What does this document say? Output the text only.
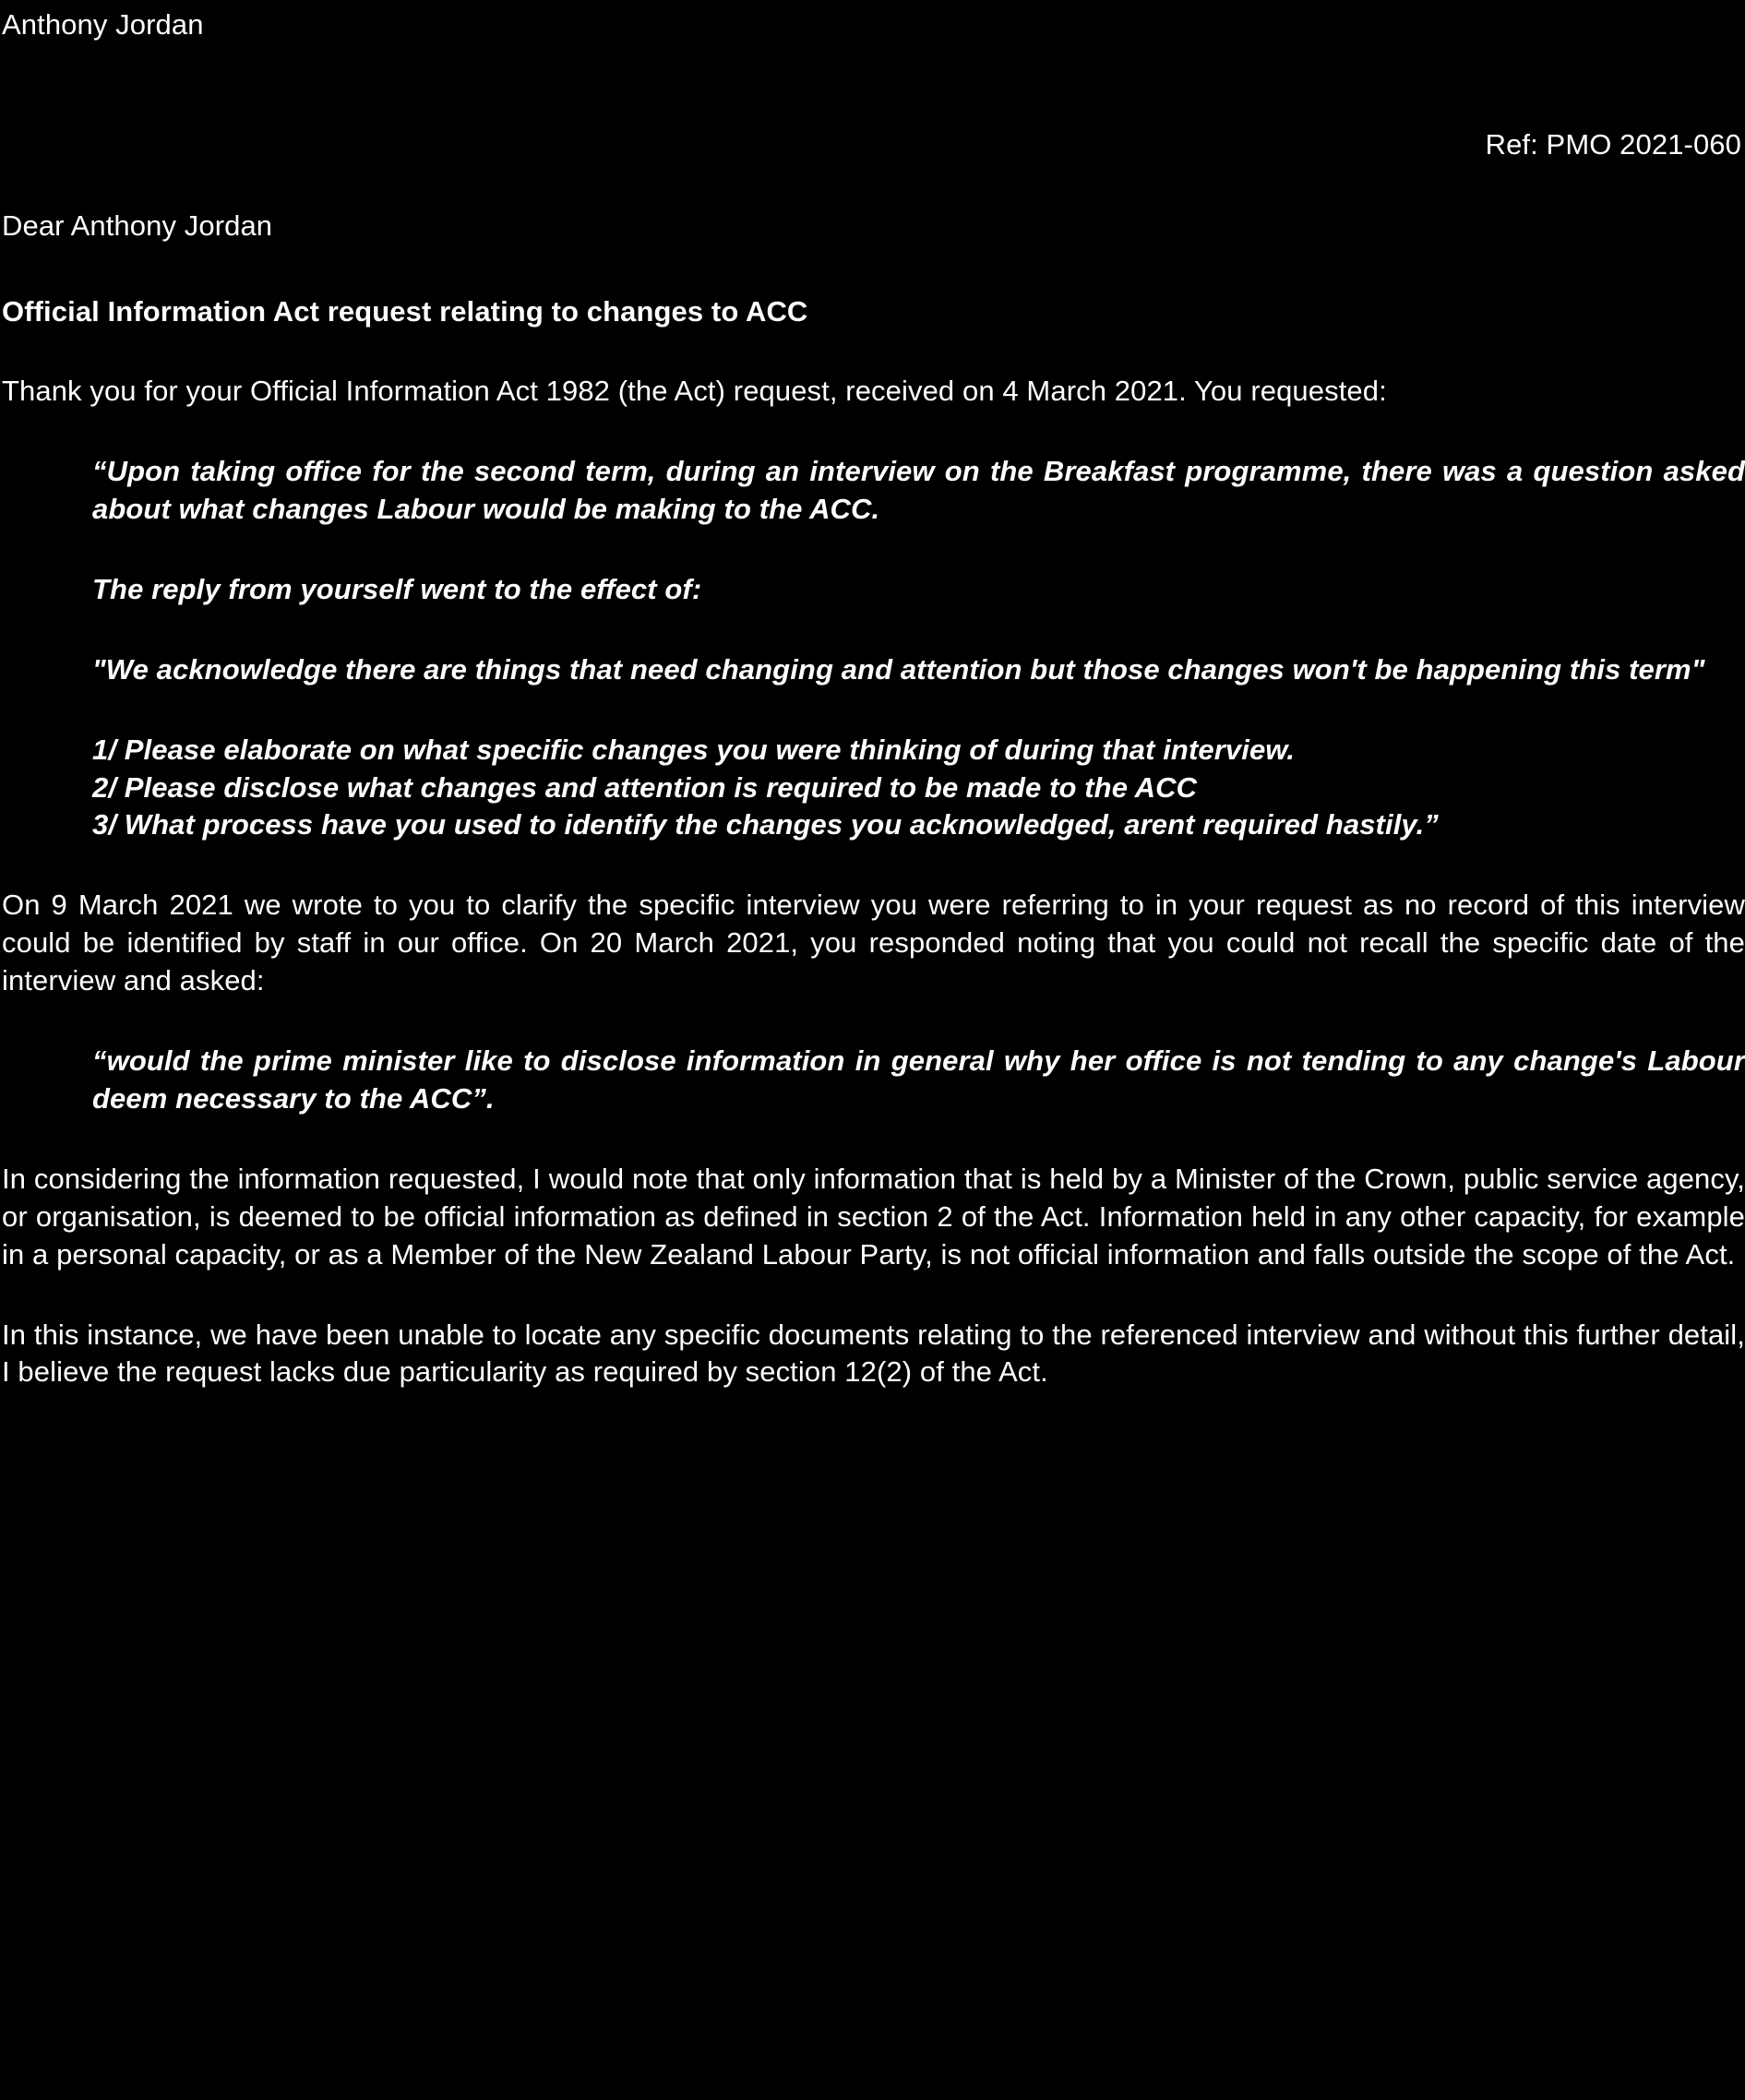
Anthony Jordan
Ref: PMO 2021-060
Dear Anthony Jordan
Official Information Act request relating to changes to ACC
Thank you for your Official Information Act 1982 (the Act) request, received on 4 March 2021. You requested:
“Upon taking office for the second term, during an interview on the Breakfast programme, there was a question asked about what changes Labour would be making to the ACC.
The reply from yourself went to the effect of:
"We acknowledge there are things that need changing and attention but those changes won't be happening this term"
1/ Please elaborate on what specific changes you were thinking of during that interview.
2/ Please disclose what changes and attention is required to be made to the ACC
3/ What process have you used to identify the changes you acknowledged, arent required hastily.”
On 9 March 2021 we wrote to you to clarify the specific interview you were referring to in your request as no record of this interview could be identified by staff in our office. On 20 March 2021, you responded noting that you could not recall the specific date of the interview and asked:
“would the prime minister like to disclose information in general why her office is not tending to any change's Labour deem necessary to the ACC”.
In considering the information requested, I would note that only information that is held by a Minister of the Crown, public service agency, or organisation, is deemed to be official information as defined in section 2 of the Act. Information held in any other capacity, for example in a personal capacity, or as a Member of the New Zealand Labour Party, is not official information and falls outside the scope of the Act.
In this instance, we have been unable to locate any specific documents relating to the referenced interview and without this further detail, I believe the request lacks due particularity as required by section 12(2) of the Act.
